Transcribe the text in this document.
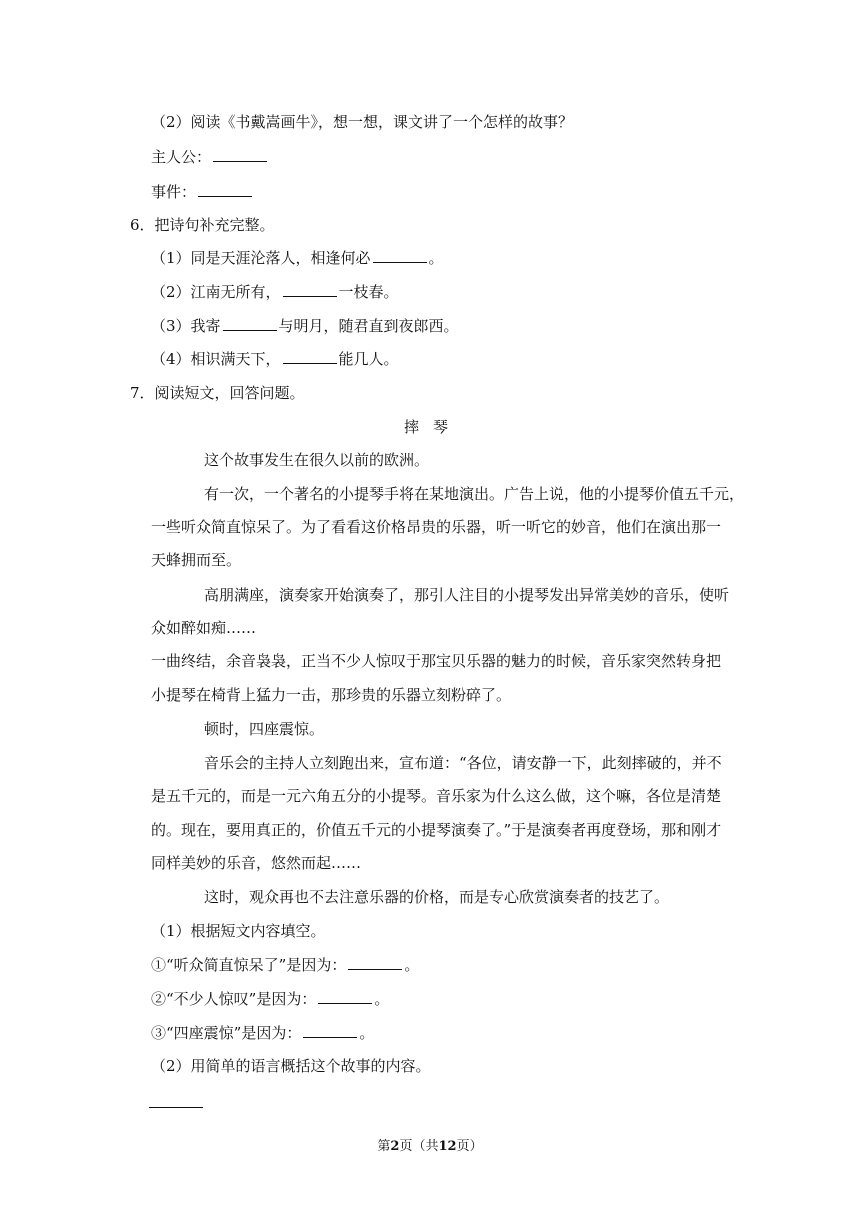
（2）阅读《书戴嵩画牛》，想一想，课文讲了一个怎样的故事？
主人公：
事件：
6．把诗句补充完整。
（1）同是天涯沦落人，相逢何必	。
（2）江南无所有，	一枝春。
（3）我寄	与明月，随君直到夜郎西。
（4）相识满天下，	能几人。
7．阅读短文，回答问题。
摔琴
这个故事发生在很久以前的欧洲。
有一次，一个著名的小提琴手将在某地演出。广告上说，他的小提琴价值五千元，
一些听众简直惊呆了。为了看看这价格昂贵的乐器，听一听它的妙音，他们在演出那一
天蜂拥而至。
高朋满座，演奏家开始演奏了，那引人注目的小提琴发出异常美妙的音乐，使听
众如醉如痴……
一曲终结，余音袅袅，正当不少人惊叹于那宝贝乐器的魅力的时候，音乐家突然转身把
小提琴在椅背上猛力一击，那珍贵的乐器立刻粉碎了。
顿时，四座震惊。
音乐会的主持人立刻跑出来，宣布道：“各位，请安静一下，此刻摔破的，并不
是五千元的，而是一元六角五分的小提琴。音乐家为什么这么做，这个嘛，各位是清楚
的。现在，要用真正的，价值五千元的小提琴演奏了。”于是演奏者再度登场，那和刚才
同样美妙的乐音，悠然而起……
这时，观众再也不去注意乐器的价格，而是专心欣赏演奏者的技艺了。
（1）根据短文内容填空。
①“听众简直惊呆了”是因为：	。
②“不少人惊叹”是因为：	。
③“四座震惊”是因为：	。
（2）用简单的语言概括这个故事的内容。
第2页（共12页）
